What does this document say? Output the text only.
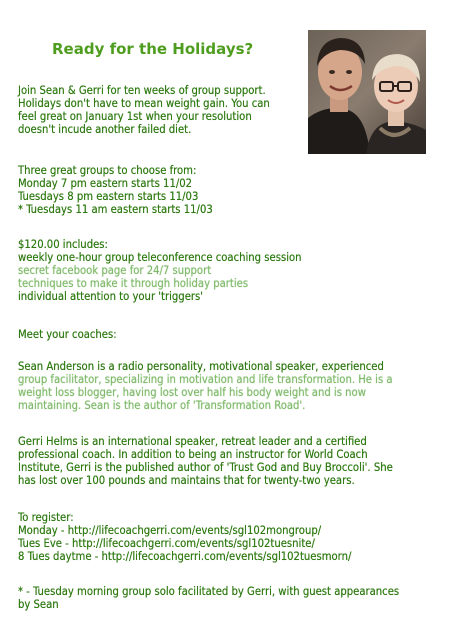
Ready for the Holidays?
Join Sean & Gerri for ten weeks of group support.
Holidays don't have to mean weight gain. You can
feel great on January 1st when your resolution
doesn't incude another failed diet.
Three great groups to choose from:
Monday 7 pm eastern starts 11/02
Tuesdays 8 pm eastern starts 11/03
* Tuesdays 11 am eastern starts 11/03
$120.00 includes:
weekly one-hour group teleconference coaching session
secret facebook page for 24/7 support
techniques to make it through holiday parties
individual attention to your 'triggers'
Meet your coaches:
Sean Anderson is a radio personality, motivational speaker, experienced
group facilitator, specializing in motivation and life transformation. He is a
weight loss blogger, having lost over half his body weight and is now
maintaining. Sean is the author of 'Transformation Road'.
Gerri Helms is an international speaker, retreat leader and a certified
professional coach. In addition to being an instructor for World Coach
Institute, Gerri is the published author of 'Trust God and Buy Broccoli'. She
has lost over 100 pounds and maintains that for twenty-two years.
To register:
Monday - http://lifecoachgerri.com/events/sgl102mongroup/
Tues Eve - http://lifecoachgerri.com/events/sgl102tuesnite/
8 Tues daytme - http://lifecoachgerri.com/events/sgl102tuesmorn/
* - Tuesday morning group solo facilitated by Gerri, with guest appearances
by Sean
